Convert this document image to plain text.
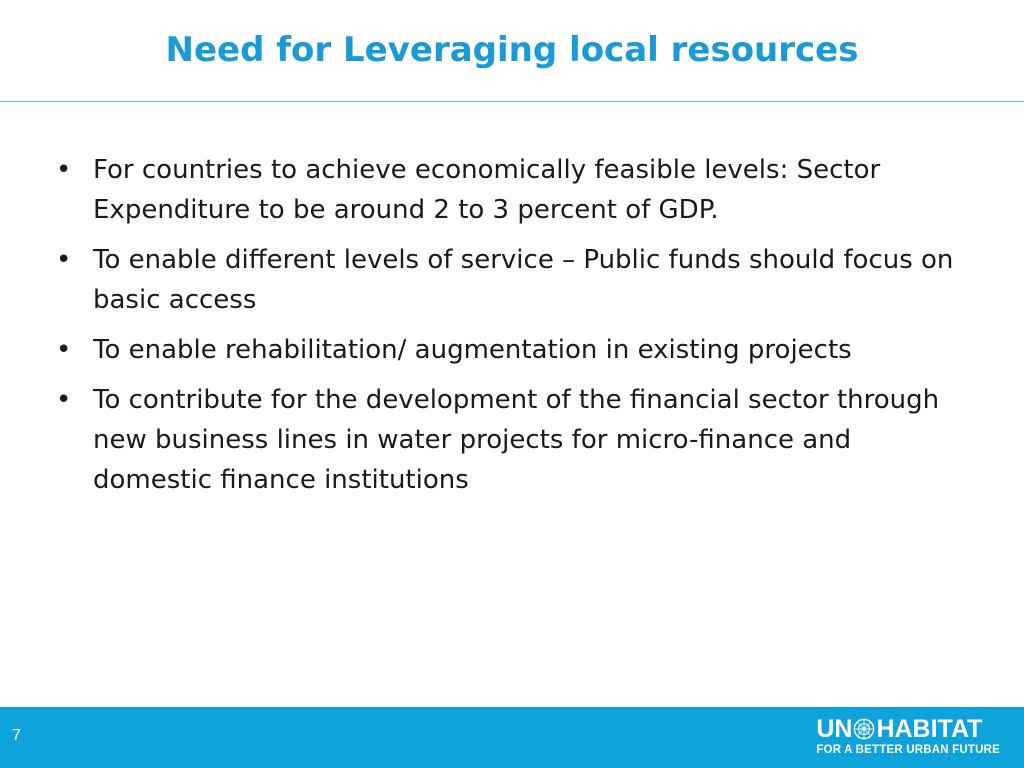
Need for Leveraging local resources
• For countries to achieve economically feasible levels: Sector Expenditure to be around 2 to 3 percent of GDP.
• To enable different levels of service – Public funds should focus on basic access
• To enable rehabilitation/ augmentation in existing projects
• To contribute for the development of the financial sector through new business lines in water projects for micro-finance and domestic finance institutions
7	UN HABITAT
FOR A BETTER URBAN FUTURE
